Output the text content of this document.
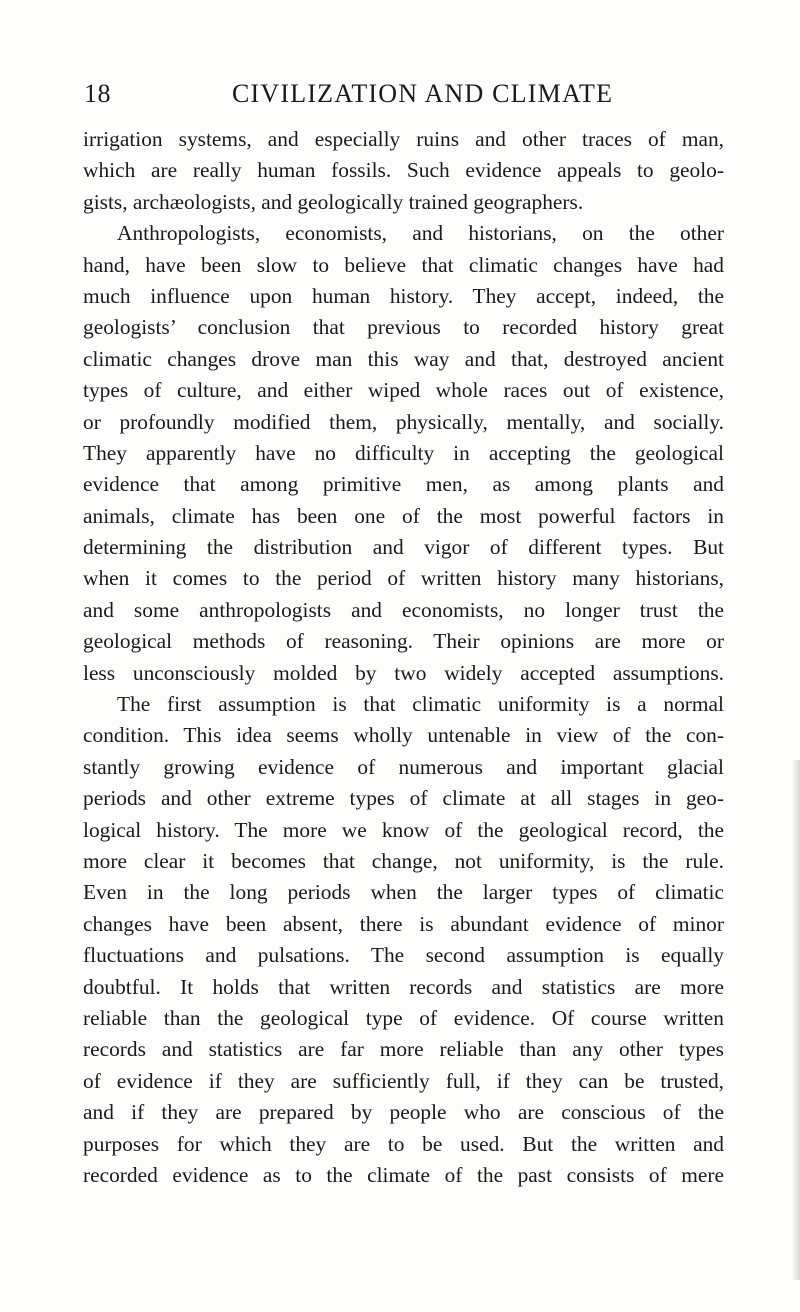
18	CIVILIZATION AND CLIMATE
irrigation systems, and especially ruins and other traces of man,
which are really human fossils. Such evidence appeals to geolo-
gists, archæologists, and geologically trained geographers.
Anthropologists, economists, and historians, on the other
hand, have been slow to believe that climatic changes have had
much influence upon human history. They accept, indeed, the
geologists’ conclusion that previous to recorded history great
climatic changes drove man this way and that, destroyed ancient
types of culture, and either wiped whole races out of existence,
or profoundly modified them, physically, mentally, and socially.
They apparently have no difficulty in accepting the geological
evidence that among primitive men, as among plants and
animals, climate has been one of the most powerful factors in
determining the distribution and vigor of different types. But
when it comes to the period of written history many historians,
and some anthropologists and economists, no longer trust the
geological methods of reasoning. Their opinions are more or
less unconsciously molded by two widely accepted assumptions.
The first assumption is that climatic uniformity is a normal
condition. This idea seems wholly untenable in view of the con-
stantly growing evidence of numerous and important glacial
periods and other extreme types of climate at all stages in geo-
logical history. The more we know of the geological record, the
more clear it becomes that change, not uniformity, is the rule.
Even in the long periods when the larger types of climatic
changes have been absent, there is abundant evidence of minor
fluctuations and pulsations. The second assumption is equally
doubtful. It holds that written records and statistics are more
reliable than the geological type of evidence. Of course written
records and statistics are far more reliable than any other types
of evidence if they are sufficiently full, if they can be trusted,
and if they are prepared by people who are conscious of the
purposes for which they are to be used. But the written and
recorded evidence as to the climate of the past consists of mere
